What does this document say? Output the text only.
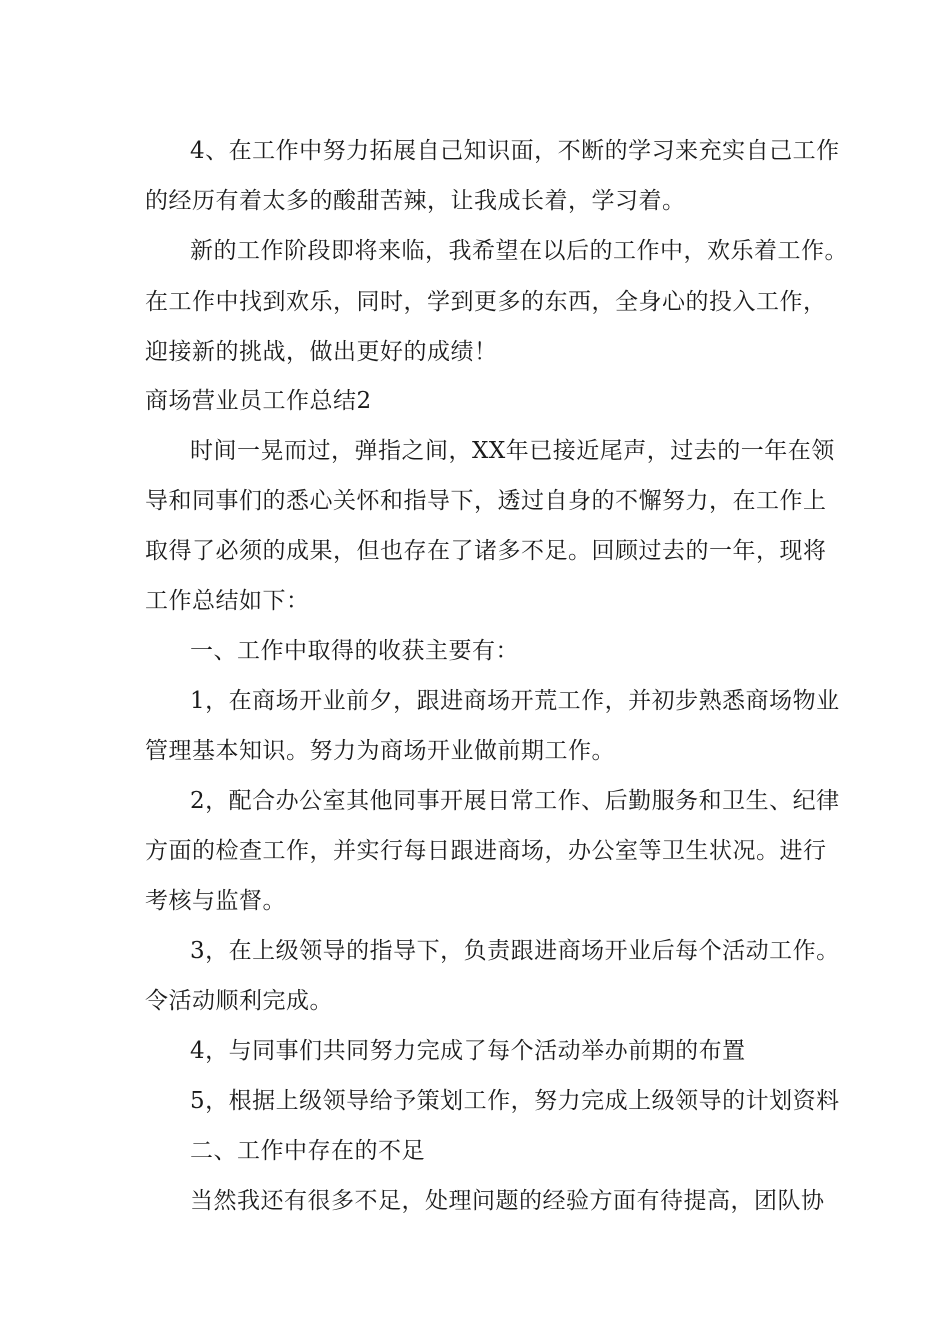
4、在工作中努力拓展自己知识面，不断的学习来充实自己工作
的经历有着太多的酸甜苦辣，让我成长着，学习着。
新的工作阶段即将来临，我希望在以后的工作中，欢乐着工作。
在工作中找到欢乐，同时，学到更多的东西，全身心的投入工作，
迎接新的挑战，做出更好的成绩！
商场营业员工作总结2
时间一晃而过，弹指之间，XX年已接近尾声，过去的一年在领
导和同事们的悉心关怀和指导下，透过自身的不懈努力，在工作上
取得了必须的成果，但也存在了诸多不足。回顾过去的一年，现将
工作总结如下：
一、工作中取得的收获主要有：
1，在商场开业前夕，跟进商场开荒工作，并初步熟悉商场物业
管理基本知识。努力为商场开业做前期工作。
2，配合办公室其他同事开展日常工作、后勤服务和卫生、纪律
方面的检查工作，并实行每日跟进商场，办公室等卫生状况。进行
考核与监督。
3，在上级领导的指导下，负责跟进商场开业后每个活动工作。
令活动顺利完成。
4，与同事们共同努力完成了每个活动举办前期的布置
5，根据上级领导给予策划工作，努力完成上级领导的计划资料
二、工作中存在的不足
当然我还有很多不足，处理问题的经验方面有待提高，团队协
